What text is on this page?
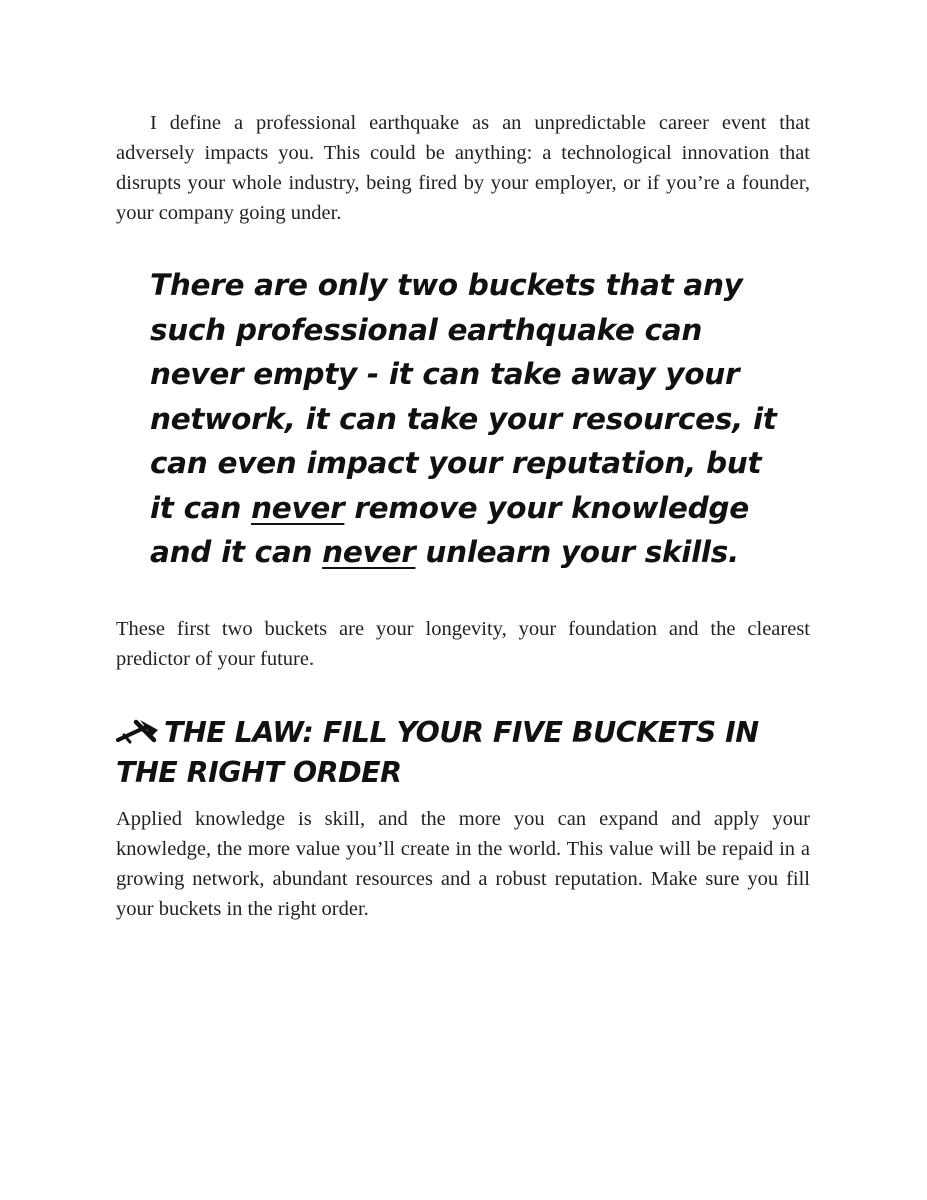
I define a professional earthquake as an unpredictable career event that adversely impacts you. This could be anything: a technological innovation that disrupts your whole industry, being fired by your employer, or if you’re a founder, your company going under.

There are only two buckets that any such professional earthquake can never empty - it can take away your network, it can take your resources, it can even impact your reputation, but it can never remove your knowledge and it can never unlearn your skills.

These first two buckets are your longevity, your foundation and the clearest predictor of your future.

THE LAW: FILL YOUR FIVE BUCKETS IN THE RIGHT ORDER

Applied knowledge is skill, and the more you can expand and apply your knowledge, the more value you’ll create in the world. This value will be repaid in a growing network, abundant resources and a robust reputation. Make sure you fill your buckets in the right order.
